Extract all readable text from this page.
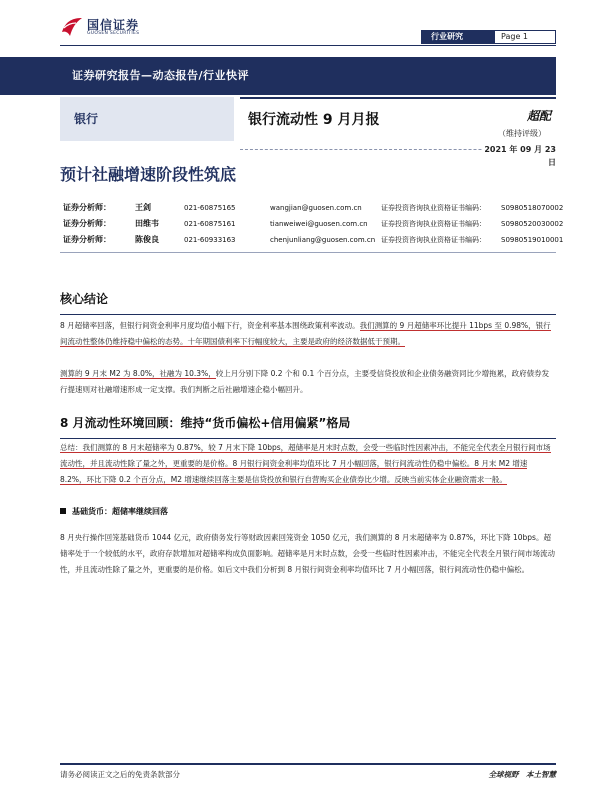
国信证券
GUOSEN SECURITIES	行业研究	Page 1
证券研究报告—动态报告/行业快评
银行	银行流动性 9 月月报	超配
（维持评级）
2021 年 09 月 23 日
预计社融增速阶段性筑底
证券分析师：	王剑	021-60875165	wangjian@guosen.com.cn	证券投资咨询执业资格证书编码： S0980518070002
证券分析师：	田维韦	021-60875161	tianweiwei@guosen.com.cn 证券投资咨询执业资格证书编码： S0980520030002
证券分析师：	陈俊良	021-60933163	chenjunliang@guosen.com.cn 证券投资咨询执业资格证书编码： S0980519010001
核心结论
8 月超储率回落，但银行间资金利率月度均值小幅下行，资金利率基本围绕政策利率波动。我们测算的 9 月超储率环比提升 11bps 至 0.98%，银行间流动性整体仍维持稳中偏松的态势。十年期国债利率下行幅度较大，主要是政府的经济数据低于预期。
测算的 9 月末 M2 为 8.0%，社融为 10.3%，较上月分别下降 0.2 个和 0.1 个百分点，主要受信贷投放和企业债务融资同比少增拖累，政府债券发行提速则对社融增速形成一定支撑。我们判断之后社融增速企稳小幅回升。
8 月流动性环境回顾：维持“货币偏松+信用偏紧”格局
总结：我们测算的 8 月末超储率为 0.87%，较 7 月末下降 10bps，超储率是月末时点数，会受一些临时性因素冲击，不能完全代表全月银行间市场流动性，并且流动性除了量之外，更重要的是价格。8 月银行间资金利率均值环比 7 月小幅回落，银行间流动性仍稳中偏松。8 月末 M2 增速 8.2%，环比下降 0.2 个百分点，M2 增速继续回落主要是信贷投放和银行自营购买企业债券比少增。反映当前实体企业融资需求一般。
基础货币：超储率继续回落
8 月央行操作回笼基础货币 1044 亿元，政府债务发行等财政因素回笼资金 1050 亿元，我们测算的 8 月末超储率为 0.87%，环比下降 10bps。超储率处于一个较低的水平，政府存款增加对超储率构成负面影响。超储率是月末时点数，会受一些临时性因素冲击，不能完全代表全月银行间市场流动性，并且流动性除了量之外，更重要的是价格。如后文中我们分析到 8 月银行间资金利率均值环比 7 月小幅回落，银行间流动性仍稳中偏松。
请务必阅读正文之后的免责条款部分	全球视野　本土智慧
